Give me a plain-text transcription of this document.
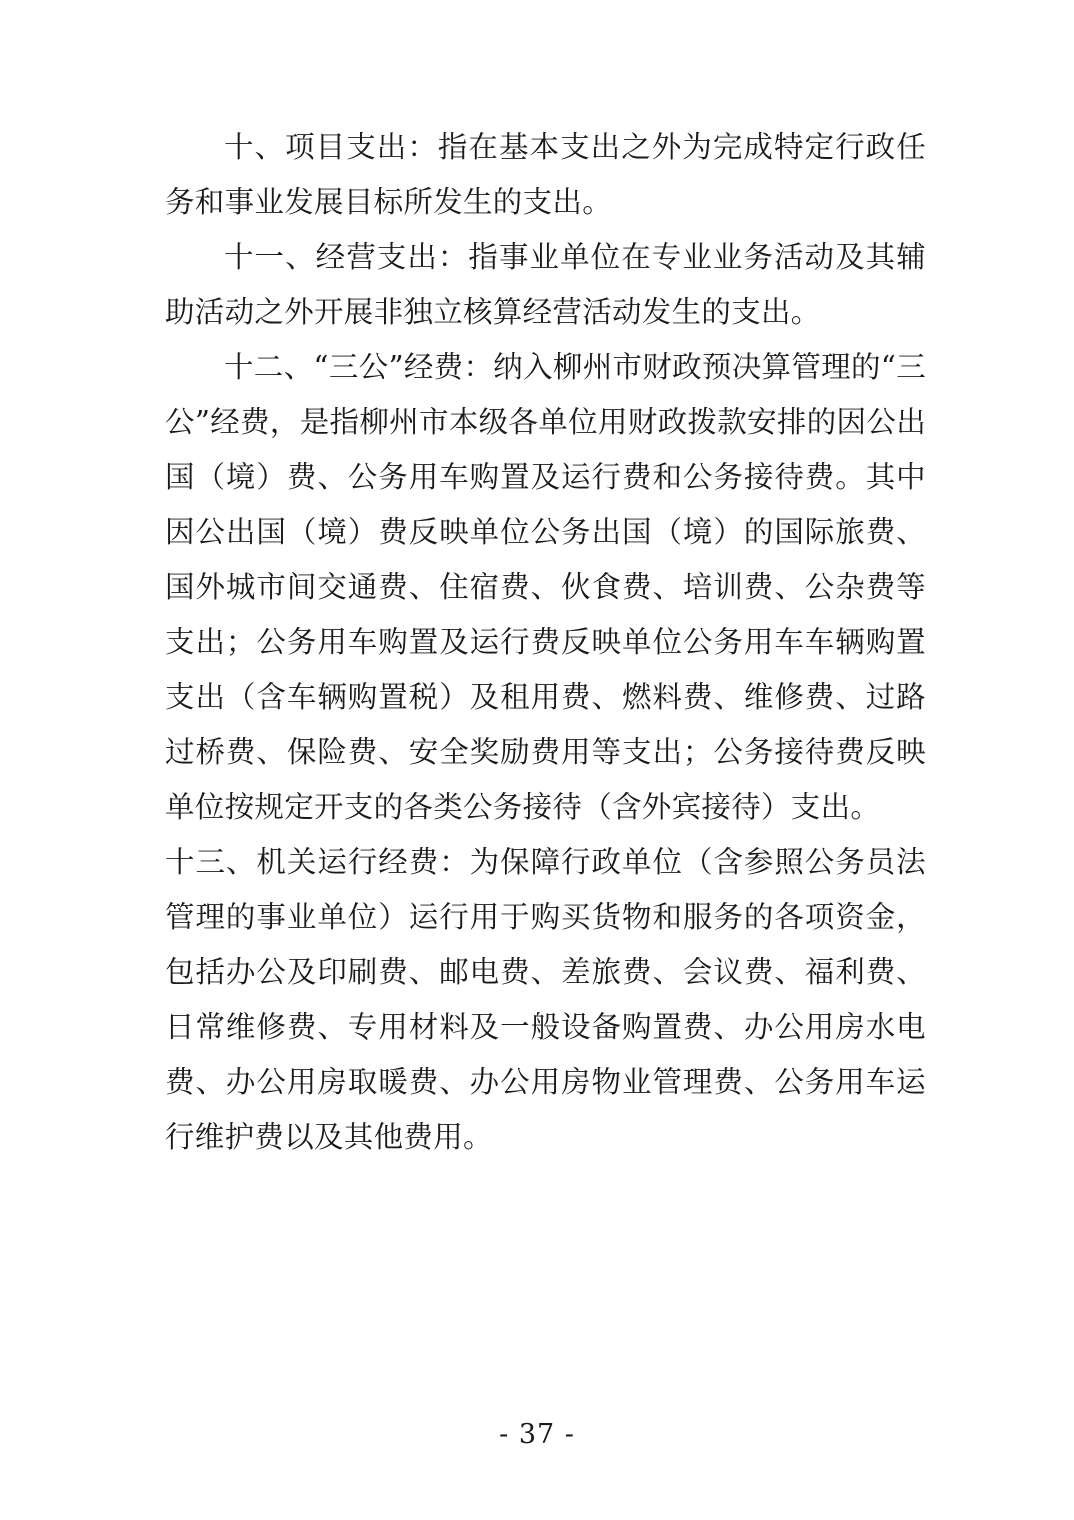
十、项目支出：指在基本支出之外为完成特定行政任务和事业发展目标所发生的支出。

十一、经营支出：指事业单位在专业业务活动及其辅助活动之外开展非独立核算经营活动发生的支出。

十二、“三公”经费：纳入柳州市财政预决算管理的“三公”经费，是指柳州市本级各单位用财政拨款安排的因公出国（境）费、公务用车购置及运行费和公务接待费。其中因公出国（境）费反映单位公务出国（境）的国际旅费、国外城市间交通费、住宿费、伙食费、培训费、公杂费等支出；公务用车购置及运行费反映单位公务用车车辆购置支出（含车辆购置税）及租用费、燃料费、维修费、过路过桥费、保险费、安全奖励费用等支出；公务接待费反映单位按规定开支的各类公务接待（含外宾接待）支出。

十三、机关运行经费：为保障行政单位（含参照公务员法管理的事业单位）运行用于购买货物和服务的各项资金，包括办公及印刷费、邮电费、差旅费、会议费、福利费、日常维修费、专用材料及一般设备购置费、办公用房水电费、办公用房取暖费、办公用房物业管理费、公务用车运行维护费以及其他费用。

- 37 -
